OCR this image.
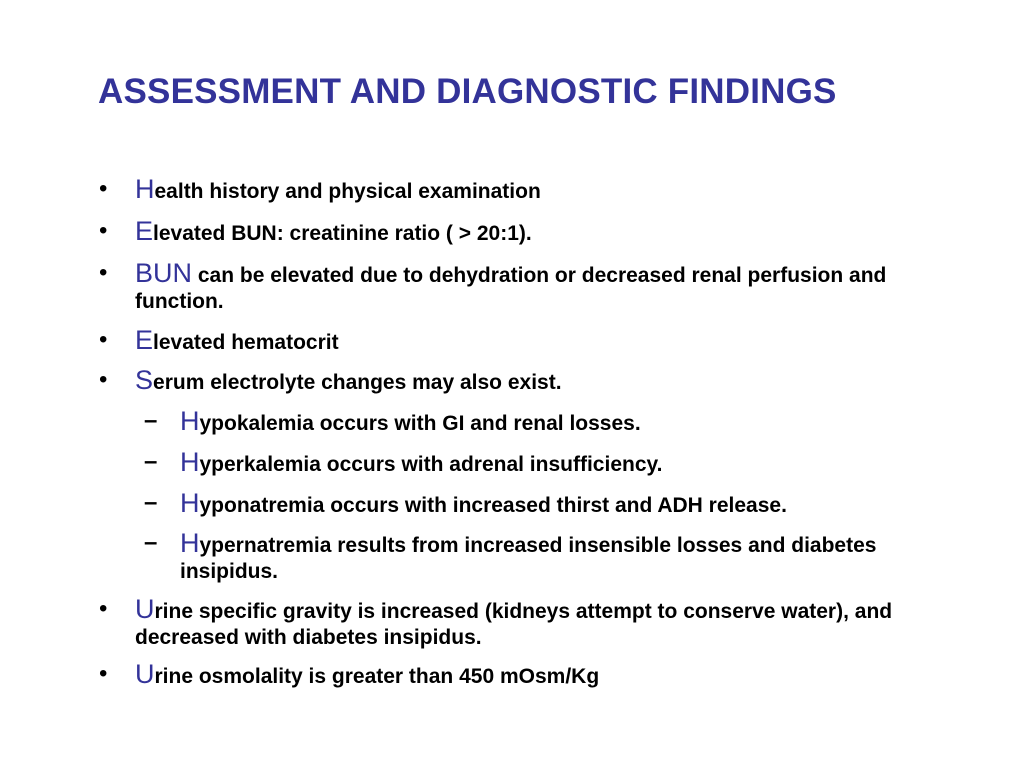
ASSESSMENT AND DIAGNOSTIC FINDINGS
• Health history and physical examination
• Elevated BUN: creatinine ratio ( > 20:1).
• BUN can be elevated due to dehydration or decreased renal perfusion and function.
• Elevated hematocrit
• Serum electrolyte changes may also exist.
– Hypokalemia occurs with GI and renal losses.
– Hyperkalemia occurs with adrenal insufficiency.
– Hyponatremia occurs with increased thirst and ADH release.
– Hypernatremia results from increased insensible losses and diabetes insipidus.
• Urine specific gravity is increased (kidneys attempt to conserve water), and decreased with diabetes insipidus.
• Urine osmolality is greater than 450 mOsm/Kg
